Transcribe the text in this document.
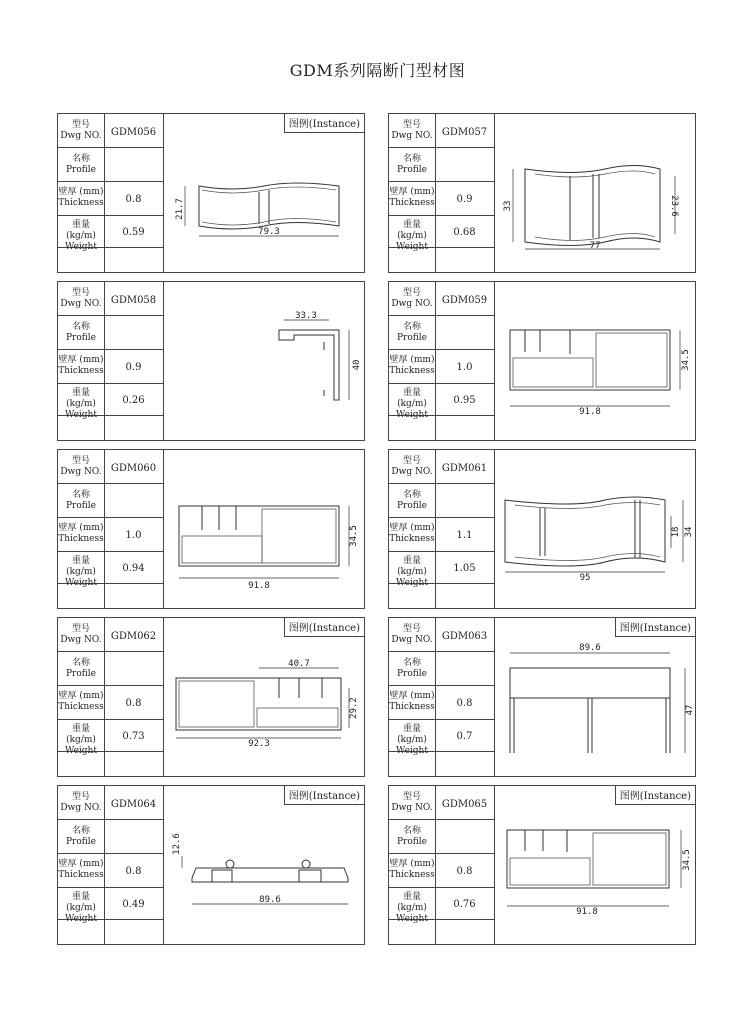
GDM系列隔断门型材图
型号
Dwg NO. GDM056
名称
Profile
壁厚 (mm)
Thickness	0.8
重量 (kg/m)
Weight
0.59
图例(Instance)
21.7
79.3
型号
Dwg NO. GDM057
名称
Profile
壁厚 (mm)
Thickness	0.9
重量 (kg/m)
Weight
0.68
33	23.6
77
型号
Dwg NO. GDM058
名称
Profile
壁厚 (mm)
Thickness	0.9
重量 (kg/m)
Weight
0.26
33.3
40
型号
Dwg NO. GDM059
名称
Profile
壁厚 (mm)
Thickness	1.0
重量 (kg/m)
Weight
0.95
34.5
91.8
型号
Dwg NO. GDM060
名称
Profile
壁厚 (mm)
Thickness	1.0
重量 (kg/m)
Weight
0.94
34.5
91.8
型号
Dwg NO. GDM061
名称
Profile
壁厚 (mm)
Thickness	1.1
重量 (kg/m)
Weight
1.05
18 34
95
型号
Dwg NO. GDM062
名称
Profile
壁厚 (mm)
Thickness	0.8
重量 (kg/m)
Weight
0.73
图例(Instance)
40.7
29.2
92.3
型号
Dwg NO. GDM063
名称
Profile
壁厚 (mm)
Thickness	0.8
重量 (kg/m)
Weight
0.7
图例(Instance)
89.6
47
型号
Dwg NO. GDM064
名称
Profile
壁厚 (mm)
Thickness	0.8
重量 (kg/m)
Weight
0.49
图例(Instance)
12.6
89.6
型号
Dwg NO. GDM065
名称
Profile
壁厚 (mm)
Thickness	0.8
重量 (kg/m)
Weight
0.76
图例(Instance)
34.5
91.8
